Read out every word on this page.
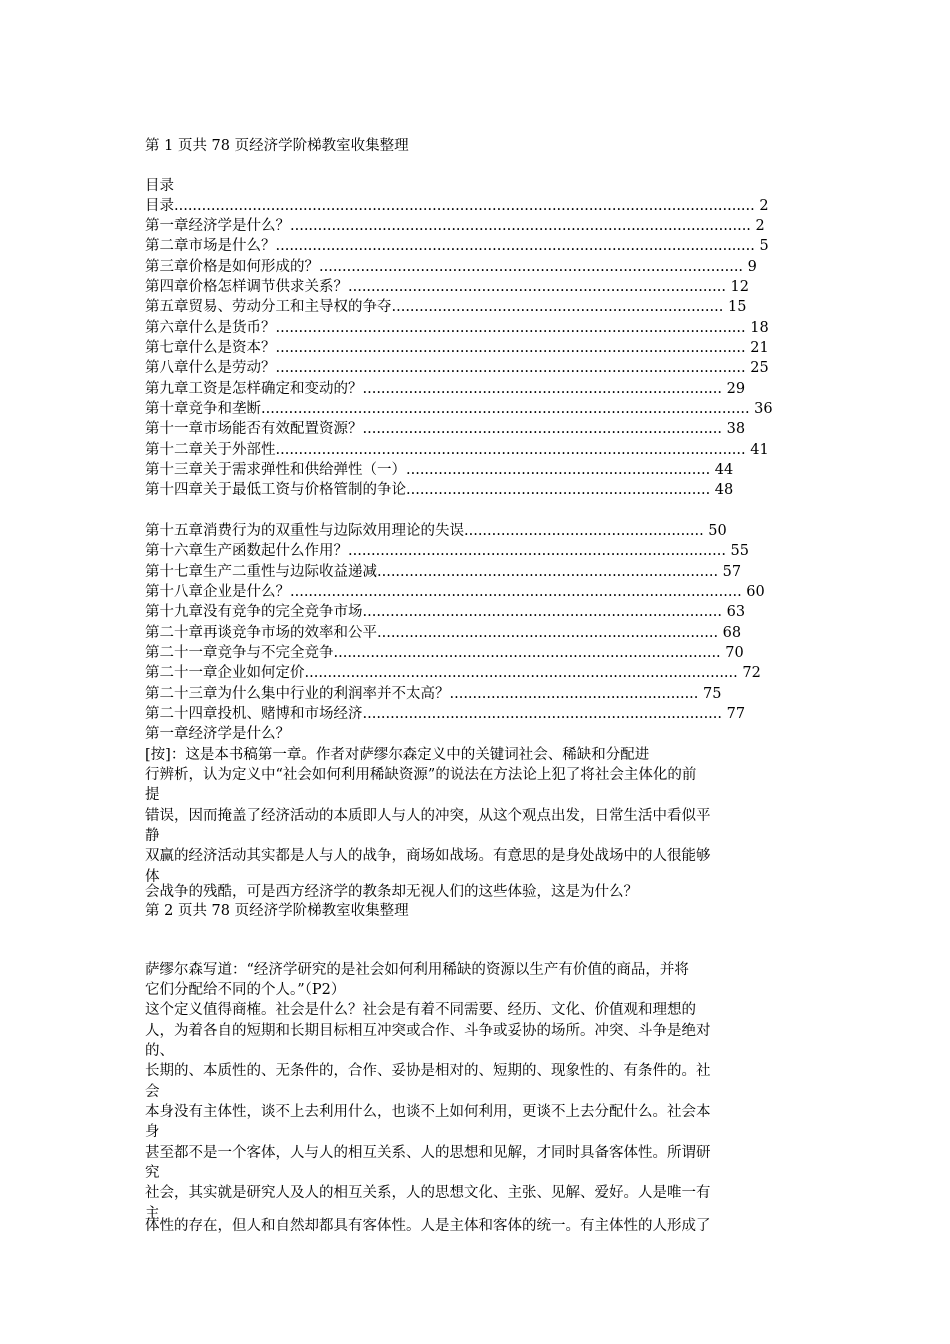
第 1 页共 78 页经济学阶梯教室收集整理
目录
目录.............................................................................................................................. 2
第一章经济学是什么？.................................................................................................... 2
第二章市场是什么？........................................................................................................ 5
第三章价格是如何形成的？............................................................................................ 9
第四章价格怎样调节供求关系？.................................................................................. 12
第五章贸易、劳动分工和主导权的争夺........................................................................ 15
第六章什么是货币？...................................................................................................... 18
第七章什么是资本？...................................................................................................... 21
第八章什么是劳动？...................................................................................................... 25
第九章工资是怎样确定和变动的？.............................................................................. 29
第十章竞争和垄断.......................................................................................................... 36
第十一章市场能否有效配置资源？.............................................................................. 38
第十二章关于外部性...................................................................................................... 41
第十三章关于需求弹性和供给弹性（一）.................................................................. 44
第十四章关于最低工资与价格管制的争论.................................................................. 48
第十五章消费行为的双重性与边际效用理论的失误.................................................... 50
第十六章生产函数起什么作用？.................................................................................. 55
第十七章生产二重性与边际收益递减.......................................................................... 57
第十八章企业是什么？.................................................................................................. 60
第十九章没有竞争的完全竞争市场.............................................................................. 63
第二十章再谈竞争市场的效率和公平.......................................................................... 68
第二十一章竞争与不完全竞争.................................................................................... 70
第二十一章企业如何定价.............................................................................................. 72
第二十三章为什么集中行业的利润率并不太高？...................................................... 75
第二十四章投机、赌博和市场经济.............................................................................. 77
第一章经济学是什么？
[按]：这是本书稿第一章。作者对萨缪尔森定义中的关键词社会、稀缺和分配进
行辨析，认为定义中“社会如何利用稀缺资源”的说法在方法论上犯了将社会主体化的前
提
错误，因而掩盖了经济活动的本质即人与人的冲突，从这个观点出发，日常生活中看似平
静
双赢的经济活动其实都是人与人的战争，商场如战场。有意思的是身处战场中的人很能够
体
会战争的残酷，可是西方经济学的教条却无视人们的这些体验，这是为什么？
第 2 页共 78 页经济学阶梯教室收集整理
萨缪尔森写道：“经济学研究的是社会如何利用稀缺的资源以生产有价值的商品，并将
它们分配给不同的个人。”（P2）
这个定义值得商榷。社会是什么？社会是有着不同需要、经历、文化、价值观和理想的
人，为着各自的短期和长期目标相互冲突或合作、斗争或妥协的场所。冲突、斗争是绝对
的、
长期的、本质性的、无条件的，合作、妥协是相对的、短期的、现象性的、有条件的。社
会
本身没有主体性，谈不上去利用什么，也谈不上如何利用，更谈不上去分配什么。社会本
身
甚至都不是一个客体，人与人的相互关系、人的思想和见解，才同时具备客体性。所谓研
究
社会，其实就是研究人及人的相互关系，人的思想文化、主张、见解、爱好。人是唯一有
主
体性的存在，但人和自然却都具有客体性。人是主体和客体的统一。有主体性的人形成了
